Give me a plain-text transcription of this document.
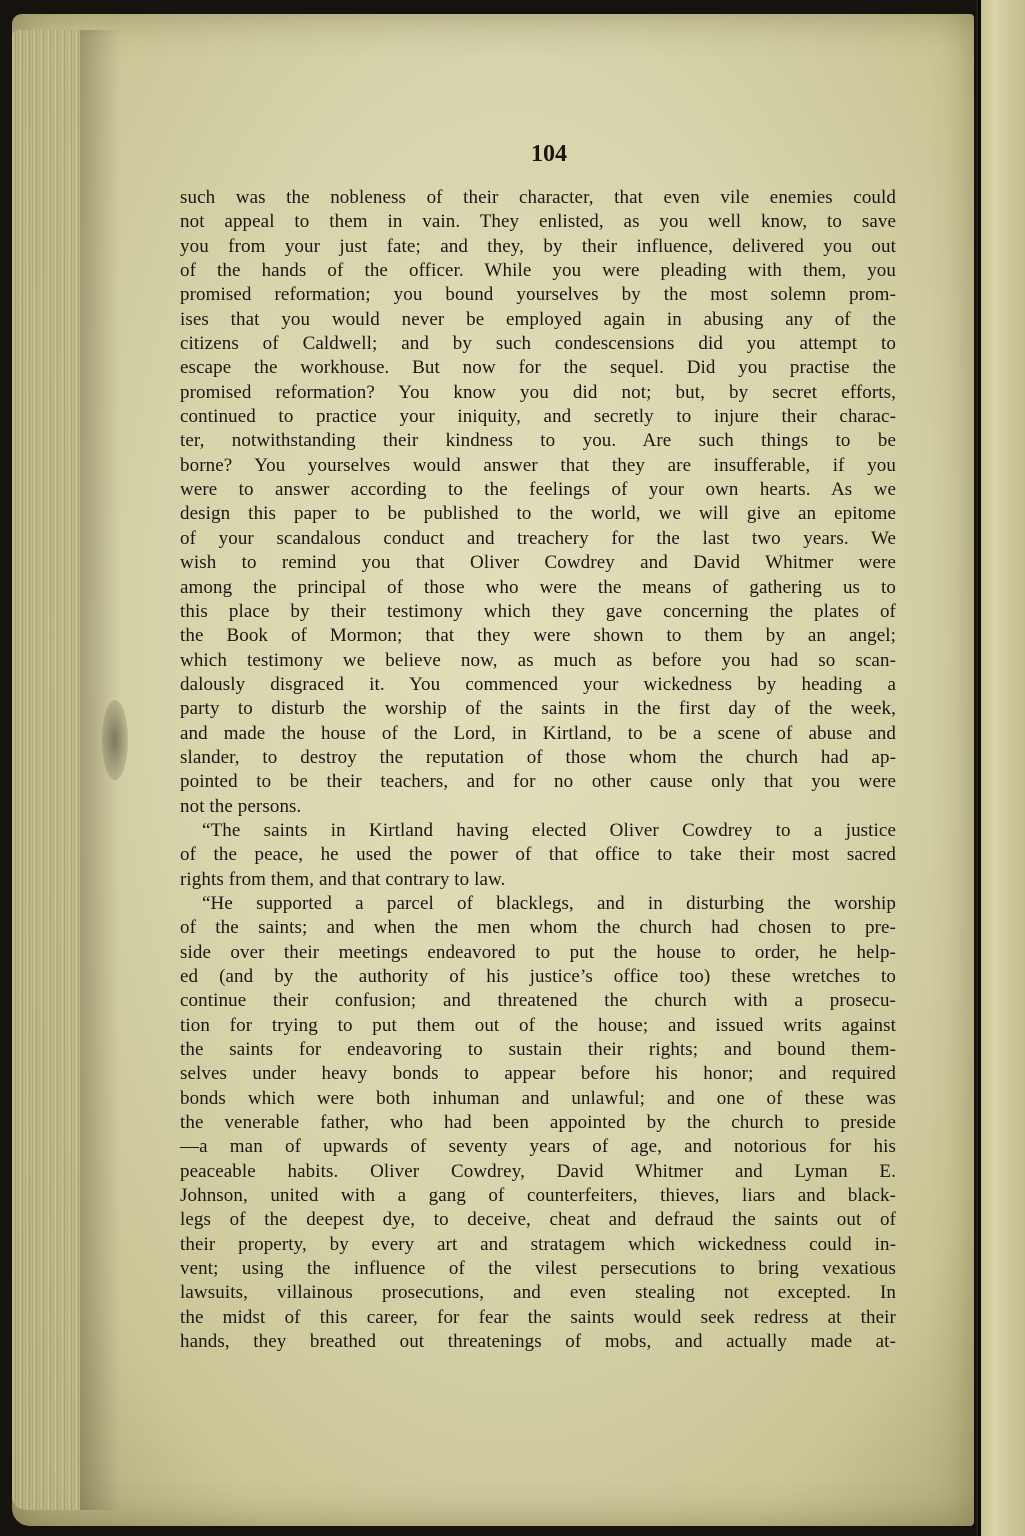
104
such was the nobleness of their character, that even vile enemies could
not appeal to them in vain. They enlisted, as you well know, to save
you from your just fate; and they, by their influence, delivered you out
of the hands of the officer. While you were pleading with them, you
promised reformation; you bound yourselves by the most solemn prom-
ises that you would never be employed again in abusing any of the
citizens of Caldwell; and by such condescensions did you attempt to
escape the workhouse. But now for the sequel. Did you practise the
promised reformation? You know you did not; but, by secret efforts,
continued to practice your iniquity, and secretly to injure their charac-
ter, notwithstanding their kindness to you. Are such things to be
borne? You yourselves would answer that they are insufferable, if you
were to answer according to the feelings of your own hearts. As we
design this paper to be published to the world, we will give an epitome
of your scandalous conduct and treachery for the last two years. We
wish to remind you that Oliver Cowdrey and David Whitmer were
among the principal of those who were the means of gathering us to
this place by their testimony which they gave concerning the plates of
the Book of Mormon; that they were shown to them by an angel;
which testimony we believe now, as much as before you had so scan-
dalously disgraced it. You commenced your wickedness by heading a
party to disturb the worship of the saints in the first day of the week,
and made the house of the Lord, in Kirtland, to be a scene of abuse and
slander, to destroy the reputation of those whom the church had ap-
pointed to be their teachers, and for no other cause only that you were
not the persons.
“The saints in Kirtland having elected Oliver Cowdrey to a justice
of the peace, he used the power of that office to take their most sacred
rights from them, and that contrary to law.
“He supported a parcel of blacklegs, and in disturbing the worship
of the saints; and when the men whom the church had chosen to pre-
side over their meetings endeavored to put the house to order, he help-
ed (and by the authority of his justice’s office too) these wretches to
continue their confusion; and threatened the church with a prosecu-
tion for trying to put them out of the house; and issued writs against
the saints for endeavoring to sustain their rights; and bound them-
selves under heavy bonds to appear before his honor; and required
bonds which were both inhuman and unlawful; and one of these was
the venerable father, who had been appointed by the church to preside
—a man of upwards of seventy years of age, and notorious for his
peaceable habits. Oliver Cowdrey, David Whitmer and Lyman E.
Johnson, united with a gang of counterfeiters, thieves, liars and black-
legs of the deepest dye, to deceive, cheat and defraud the saints out of
their property, by every art and stratagem which wickedness could in-
vent; using the influence of the vilest persecutions to bring vexatious
lawsuits, villainous prosecutions, and even stealing not excepted. In
the midst of this career, for fear the saints would seek redress at their
hands, they breathed out threatenings of mobs, and actually made at-
